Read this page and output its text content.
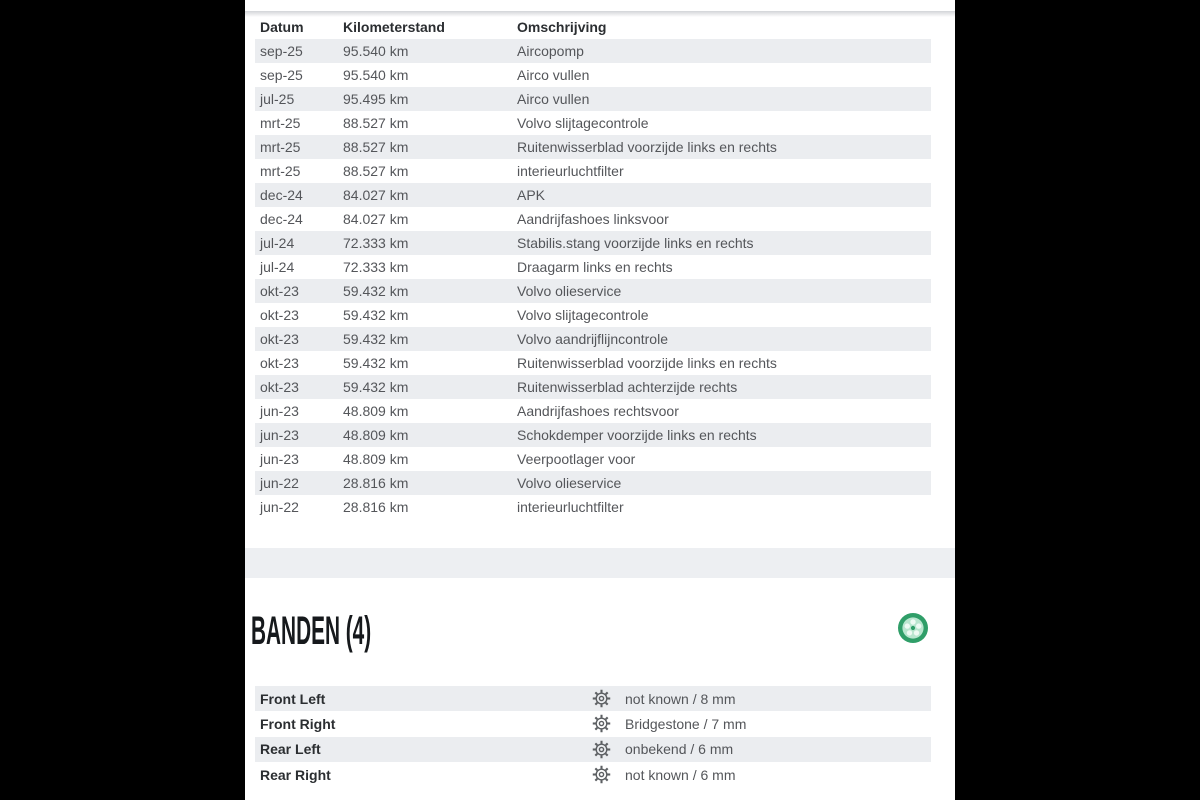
Datum	Kilometerstand	Omschrijving
sep-25	95.540 km	Aircopomp
sep-25	95.540 km	Airco vullen
jul-25	95.495 km	Airco vullen
mrt-25	88.527 km	Volvo slijtagecontrole
mrt-25	88.527 km	Ruitenwisserblad voorzijde links en rechts
mrt-25	88.527 km	interieurluchtfilter
dec-24	84.027 km	APK
dec-24	84.027 km	Aandrijfashoes linksvoor
jul-24	72.333 km	Stabilis.stang voorzijde links en rechts
jul-24	72.333 km	Draagarm links en rechts
okt-23	59.432 km	Volvo olieservice
okt-23	59.432 km	Volvo slijtagecontrole
okt-23	59.432 km	Volvo aandrijflijncontrole
okt-23	59.432 km	Ruitenwisserblad voorzijde links en rechts
okt-23	59.432 km	Ruitenwisserblad achterzijde rechts
jun-23	48.809 km	Aandrijfashoes rechtsvoor
jun-23	48.809 km	Schokdemper voorzijde links en rechts
jun-23	48.809 km	Veerpootlager voor
jun-22	28.816 km	Volvo olieservice
jun-22	28.816 km	interieurluchtfilter
BANDEN (4)
Front Left	not known / 8 mm
Front Right	Bridgestone / 7 mm
Rear Left	onbekend / 6 mm
Rear Right	not known / 6 mm
